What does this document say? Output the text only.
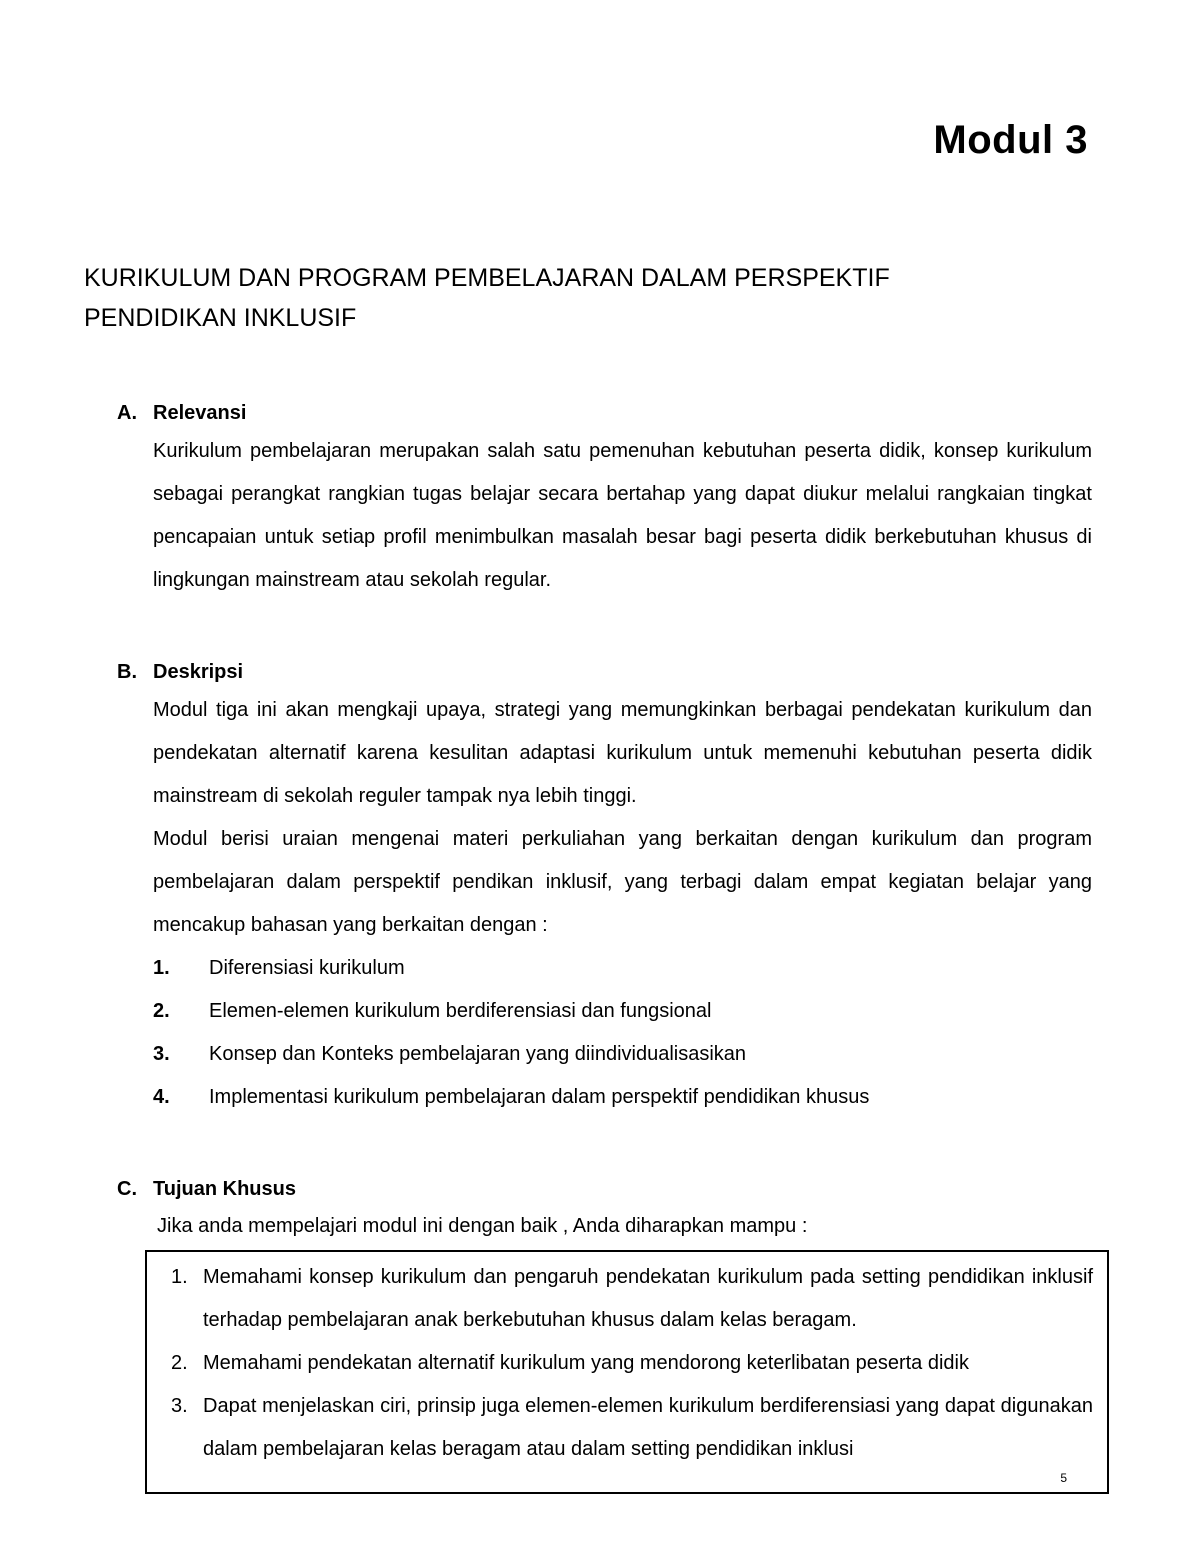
Modul 3
KURIKULUM DAN PROGRAM PEMBELAJARAN DALAM PERSPEKTIF
PENDIDIKAN INKLUSIF
A. Relevansi
Kurikulum pembelajaran merupakan salah satu pemenuhan kebutuhan peserta didik, konsep kurikulum sebagai perangkat rangkian tugas belajar secara bertahap yang dapat diukur melalui rangkaian tingkat pencapaian untuk setiap profil menimbulkan masalah besar bagi peserta didik berkebutuhan khusus di lingkungan mainstream atau sekolah regular.
B. Deskripsi
Modul tiga ini akan mengkaji upaya, strategi yang memungkinkan berbagai pendekatan kurikulum dan pendekatan alternatif karena kesulitan adaptasi kurikulum untuk memenuhi kebutuhan peserta didik mainstream di sekolah reguler tampak nya lebih tinggi.
Modul berisi uraian mengenai materi perkuliahan yang berkaitan dengan kurikulum dan program pembelajaran dalam perspektif pendikan inklusif, yang terbagi dalam empat kegiatan belajar yang mencakup bahasan yang berkaitan dengan :
1. Diferensiasi kurikulum
2. Elemen-elemen kurikulum berdiferensiasi dan fungsional
3. Konsep dan Konteks pembelajaran yang diindividualisasikan
4. Implementasi kurikulum pembelajaran dalam perspektif pendidikan khusus
C. Tujuan Khusus
Jika anda mempelajari modul ini dengan baik , Anda diharapkan mampu :
1. Memahami konsep kurikulum dan pengaruh pendekatan kurikulum pada setting pendidikan inklusif terhadap pembelajaran anak berkebutuhan khusus dalam kelas beragam.
2. Memahami pendekatan alternatif kurikulum yang mendorong keterlibatan peserta didik
3. Dapat menjelaskan ciri, prinsip juga elemen-elemen kurikulum berdiferensiasi yang dapat digunakan dalam pembelajaran kelas beragam atau dalam setting pendidikan inklusi
5
